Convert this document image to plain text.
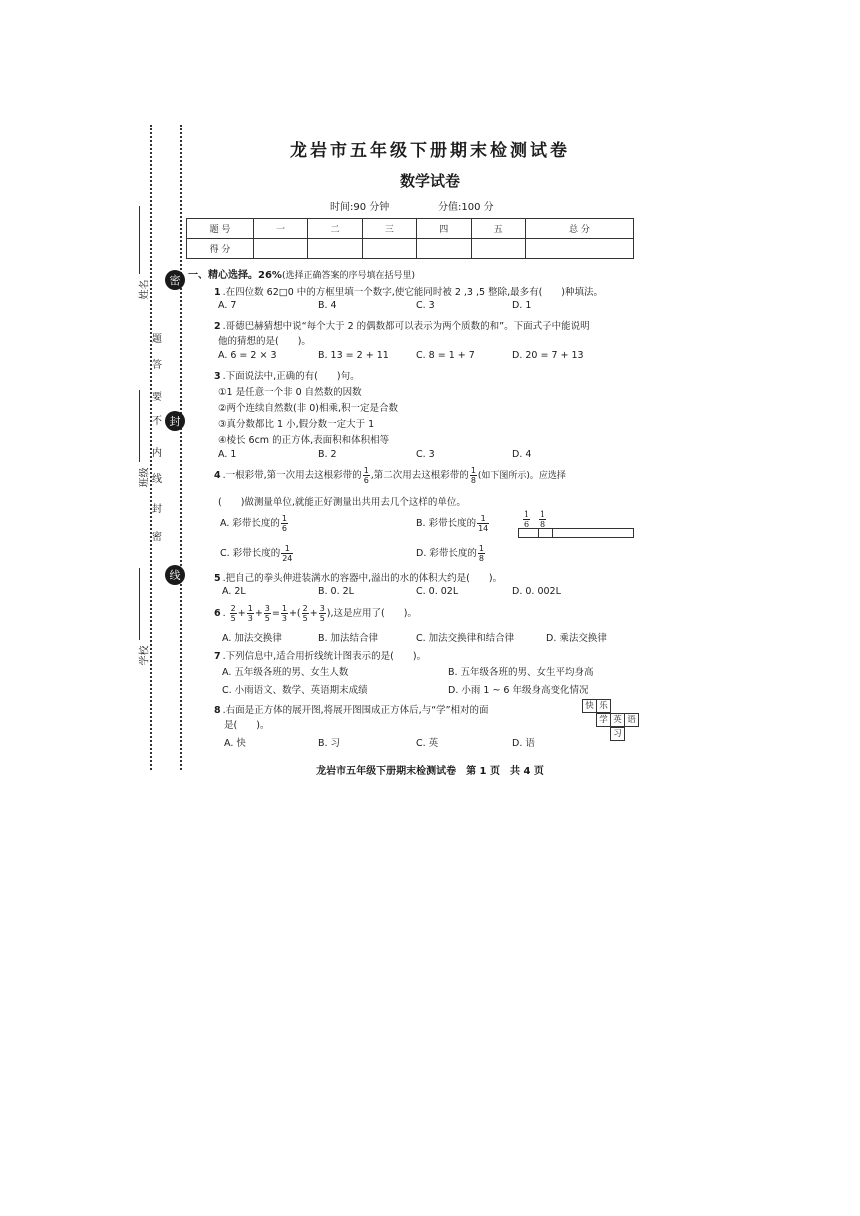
姓名
班级
学校
题
答
要
不
内
线
封
密
密
封
线
龙岩市五年级下册期末检测试卷
数学试卷
时间:90 分钟	分值:100 分
题 号	一	二	三	四	五	总 分
得 分						
一、精心选择。26%(选择正确答案的序号填在括号里)
1 .在四位数 62□0 中的方框里填一个数字,使它能同时被 2 ,3 ,5 整除,最多有(　　)种填法。
A. 7	B. 4	C. 3	D. 1
2 .哥德巴赫猜想中说“每个大于 2 的偶数都可以表示为两个质数的和”。下面式子中能说明
他的猜想的是(　　)。
A. 6 = 2 × 3	B. 13 = 2 + 11	C. 8 = 1 + 7	D. 20 = 7 + 13
3 .下面说法中,正确的有(　　)句。
①1 是任意一个非 0 自然数的因数
②两个连续自然数(非 0)相乘,积一定是合数
③真分数都比 1 小,假分数一定大于 1
④棱长 6cm 的正方体,表面积和体积相等
A. 1	B. 2	C. 3	D. 4
4 .一根彩带,第一次用去这根彩带的 $\frac{1}{6}$ ,第二次用去这根彩带的 $\frac{1}{8}$ (如下图所示)。应选择
(　　)做测量单位,就能正好测量出共用去几个这样的单位。
A. 彩带长度的 $\frac{1}{6}$	B. 彩带长度的 $\frac{1}{14}$
C. 彩带长度的 $\frac{1}{24}$	D. 彩带长度的 $\frac{1}{8}$
$\frac{1}{6} \frac{1}{8}$
5 .把自己的拳头伸进装满水的容器中,溢出的水的体积大约是(　　)。
A. 2L	B. 0. 2L	C. 0. 02L	D. 0. 002L
6 . $\frac{2}{5} + \frac{1}{3} + \frac{3}{5} = \frac{1}{3}$ +( $\frac{2}{5} + \frac{3}{5}$ ),这是应用了(　　)。
A. 加法交换律	B. 加法结合律	C. 加法交换律和结合律	D. 乘法交换律
7 .下列信息中,适合用折线统计图表示的是(　　)。
A. 五年级各班的男、女生人数	B. 五年级各班的男、女生平均身高
C. 小雨语文、数学、英语期末成绩	D. 小雨 1 ~ 6 年级身高变化情况
8 .右面是正方体的展开图,将展开图围成正方体后,与“学”相对的面
是(　　)。
A. 快	B. 习	C. 英	D. 语
快 乐
学 英 语
习
龙岩市五年级下册期末检测试卷　第 1 页　共 4 页
